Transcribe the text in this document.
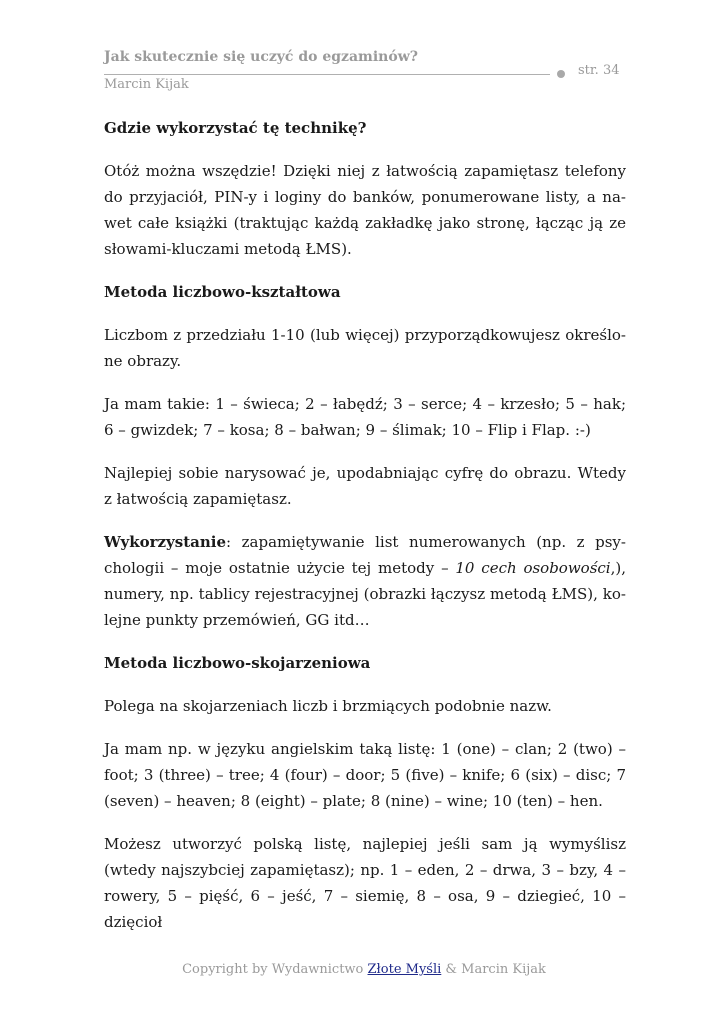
Jak skutecznie się uczyć do egzaminów?
str. 34
Marcin Kijak
Gdzie wykorzystać tę technikę?

Otóż można wszędzie! Dzięki niej z łatwością zapamiętasz telefony do przyjaciół, PIN-y i loginy do banków, ponumerowane listy, a nawet całe książki (traktując każdą zakładkę jako stronę, łącząc ją ze słowami-kluczami metodą ŁMS).

Metoda liczbowo-kształtowa

Liczbom z przedziału 1-10 (lub więcej) przyporządkowujesz określone obrazy.

Ja mam takie: 1 – świeca; 2 – łabędź; 3 – serce; 4 – krzesło; 5 – hak; 6 – gwizdek; 7 – kosa; 8 – bałwan; 9 – ślimak; 10 – Flip i Flap. :-)

Najlepiej sobie narysować je, upodabniając cyfrę do obrazu. Wtedy z łatwością zapamiętasz.

Wykorzystanie: zapamiętywanie list numerowanych (np. z psychologii – moje ostatnie użycie tej metody – 10 cech osobowości,), numery, np. tablicy rejestracyjnej (obrazki łączysz metodą ŁMS), kolejne punkty przemówień, GG itd…

Metoda liczbowo-skojarzeniowa

Polega na skojarzeniach liczb i brzmiących podobnie nazw.

Ja mam np. w języku angielskim taką listę: 1 (one) – clan; 2 (two) – foot; 3 (three) – tree; 4 (four) – door; 5 (five) – knife; 6 (six) – disc; 7 (seven) – heaven; 8 (eight) – plate; 8 (nine) – wine; 10 (ten) – hen.

Możesz utworzyć polską listę, najlepiej jeśli sam ją wymyślisz (wtedy najszybciej zapamiętasz); np. 1 – eden, 2 – drwa, 3 – bzy, 4 – rowery, 5 – pięść, 6 – jeść, 7 – siemię, 8 – osa, 9 – dziegieć, 10 – dzięcioł

Copyright by Wydawnictwo Złote Myśli & Marcin Kijak
